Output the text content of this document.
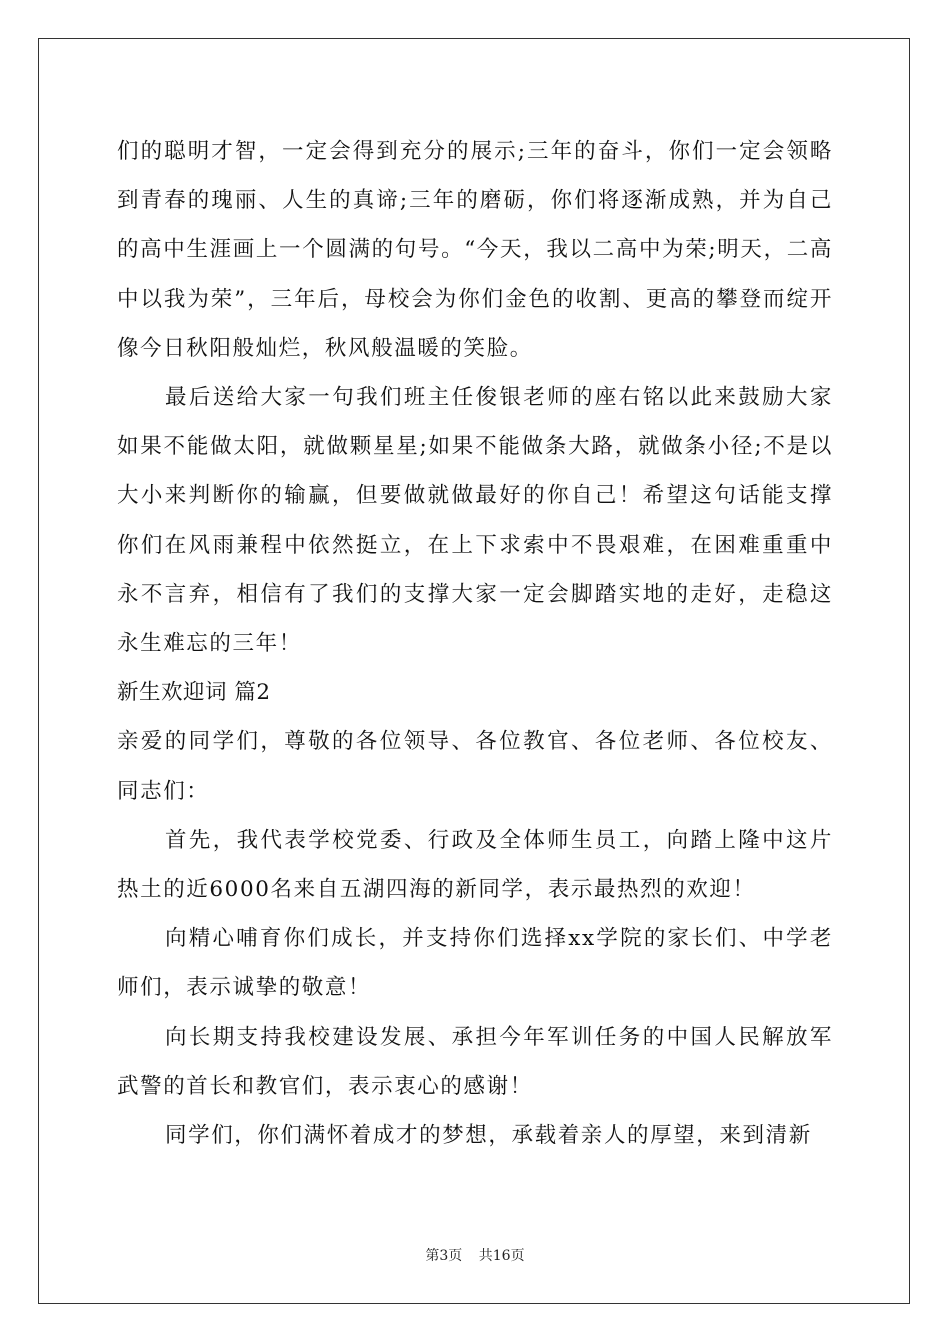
们的聪明才智，一定会得到充分的展示;三年的奋斗，你们一定会领略到青春的瑰丽、人生的真谛;三年的磨砺，你们将逐渐成熟，并为自己的高中生涯画上一个圆满的句号。“今天，我以二高中为荣;明天，二高中以我为荣”，三年后，母校会为你们金色的收割、更高的攀登而绽开像今日秋阳般灿烂，秋风般温暖的笑脸。

最后送给大家一句我们班主任俊银老师的座右铭以此来鼓励大家如果不能做太阳，就做颗星星;如果不能做条大路，就做条小径;不是以大小来判断你的输赢，但要做就做最好的你自己！希望这句话能支撑你们在风雨兼程中依然挺立，在上下求索中不畏艰难，在困难重重中永不言弃，相信有了我们的支撑大家一定会脚踏实地的走好，走稳这永生难忘的三年！

新生欢迎词 篇2

亲爱的同学们，尊敬的各位领导、各位教官、各位老师、各位校友、同志们：

首先，我代表学校党委、行政及全体师生员工，向踏上隆中这片热土的近6000名来自五湖四海的新同学，表示最热烈的欢迎！

向精心哺育你们成长，并支持你们选择xx学院的家长们、中学老师们，表示诚挚的敬意！

向长期支持我校建设发展、承担今年军训任务的中国人民解放军武警的首长和教官们，表示衷心的感谢！

同学们，你们满怀着成才的梦想，承载着亲人的厚望，来到清新

第3页 共16页
